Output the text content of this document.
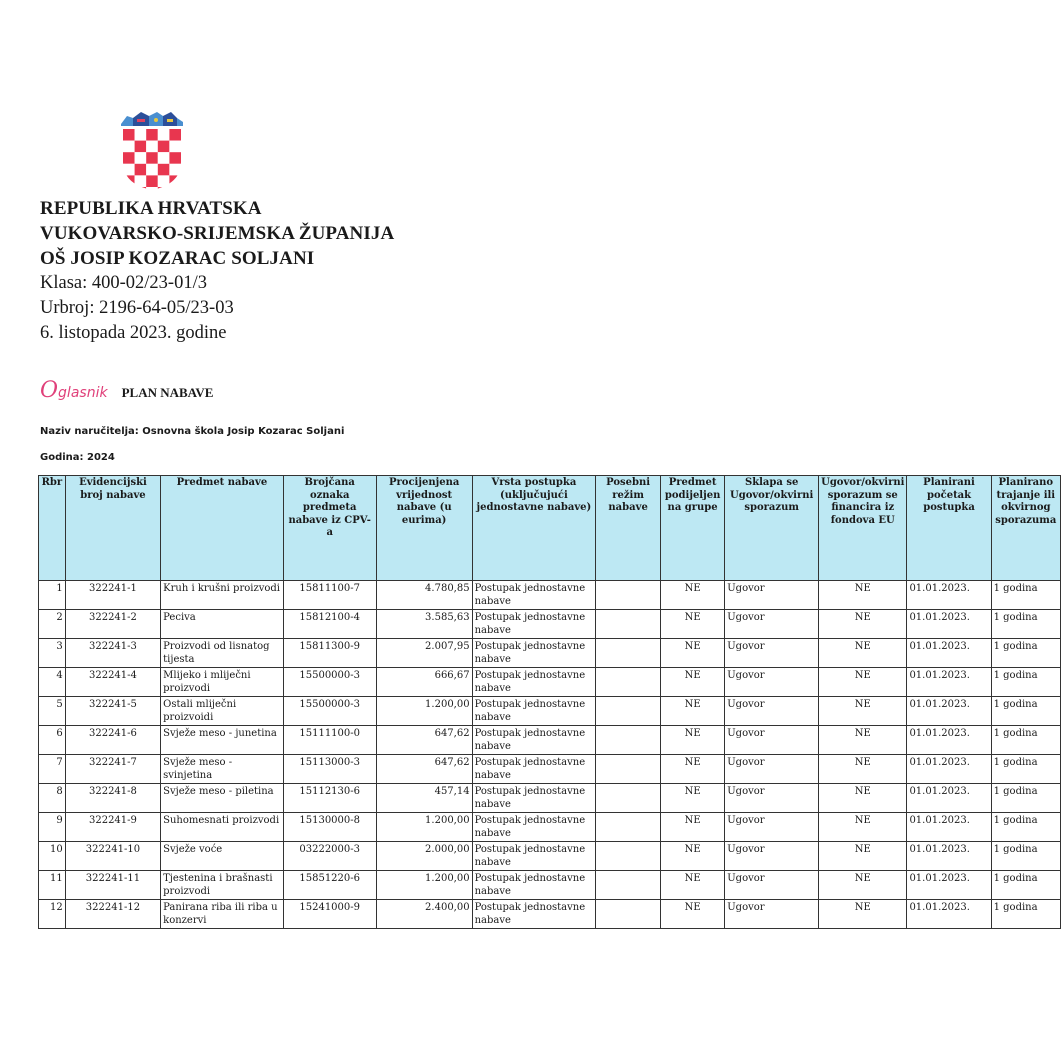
REPUBLIKA HRVATSKA
VUKOVARSKO-SRIJEMSKA ŽUPANIJA
OŠ JOSIP KOZARAC SOLJANI
Klasa: 400-02/23-01/3
Urbroj: 2196-64-05/23-03
6. listopada 2023. godine
Oglasnik PLAN NABAVE
Naziv naručitelja: Osnovna škola Josip Kozarac Soljani
Godina: 2024
Rbr	Evidencijski broj nabave	Predmet nabave	Brojčana oznaka predmeta nabave iz CPV-a	Procijenjena vrijednost nabave (u eurima)	Vrsta postupka (uključujući jednostavne nabave)	Posebni režim nabave	Predmet podijeljen na grupe	Sklapa se Ugovor/okvirni sporazum	Ugovor/okvirni sporazum se financira iz fondova EU	Planirani početak postupka	Planirano trajanje ili okvirnog sporazuma
1	322241-1	Kruh i krušni proizvodi	15811100-7	4.780,85	Postupak jednostavne nabave		NE	Ugovor	NE	01.01.2023.	1 godina
2	322241-2	Peciva	15812100-4	3.585,63	Postupak jednostavne nabave		NE	Ugovor	NE	01.01.2023.	1 godina
3	322241-3	Proizvodi od lisnatog tijesta	15811300-9	2.007,95	Postupak jednostavne nabave		NE	Ugovor	NE	01.01.2023.	1 godina
4	322241-4	Mlijeko i mliječni proizvodi	15500000-3	666,67	Postupak jednostavne nabave		NE	Ugovor	NE	01.01.2023.	1 godina
5	322241-5	Ostali mliječni proizvoidi	15500000-3	1.200,00	Postupak jednostavne nabave		NE	Ugovor	NE	01.01.2023.	1 godina
6	322241-6	Svježe meso - junetina	15111100-0	647,62	Postupak jednostavne nabave		NE	Ugovor	NE	01.01.2023.	1 godina
7	322241-7	Svježe meso - svinjetina	15113000-3	647,62	Postupak jednostavne nabave		NE	Ugovor	NE	01.01.2023.	1 godina
8	322241-8	Svježe meso - piletina	15112130-6	457,14	Postupak jednostavne nabave		NE	Ugovor	NE	01.01.2023.	1 godina
9	322241-9	Suhomesnati proizvodi	15130000-8	1.200,00	Postupak jednostavne nabave		NE	Ugovor	NE	01.01.2023.	1 godina
10	322241-10	Svježe voće	03222000-3	2.000,00	Postupak jednostavne nabave		NE	Ugovor	NE	01.01.2023.	1 godina
11	322241-11	Tjestenina i brašnasti proizvodi	15851220-6	1.200,00	Postupak jednostavne nabave		NE	Ugovor	NE	01.01.2023.	1 godina
12	322241-12	Panirana riba ili riba u konzervi	15241000-9	2.400,00	Postupak jednostavne nabave		NE	Ugovor	NE	01.01.2023.	1 godina
